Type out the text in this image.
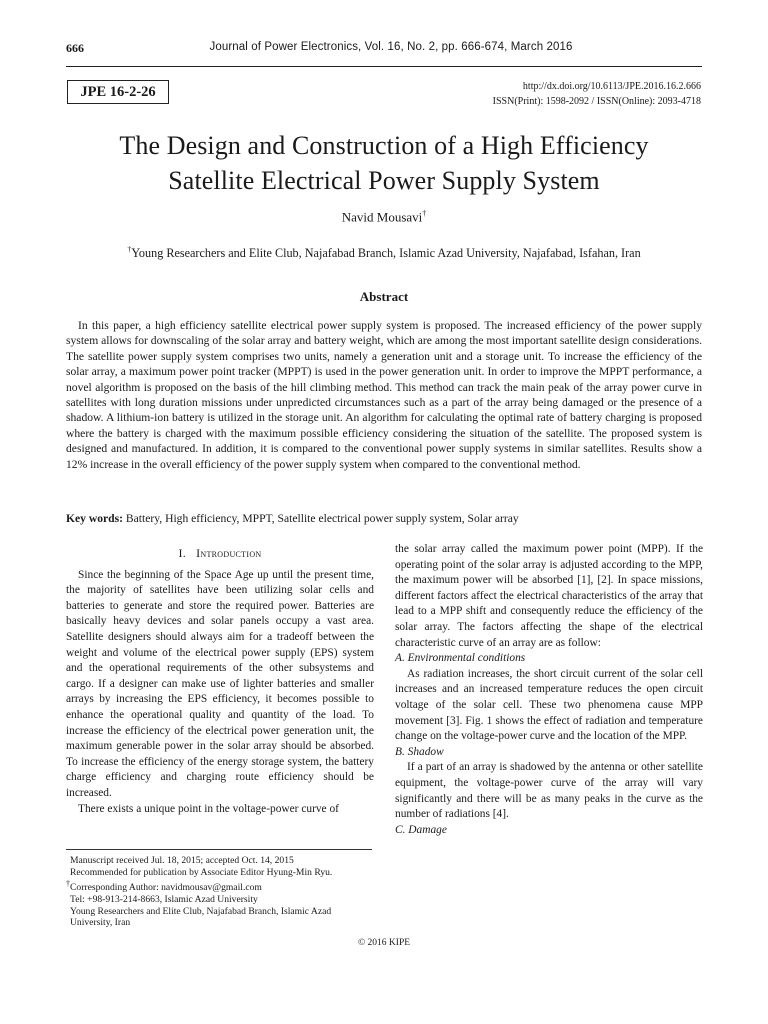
666	Journal of Power Electronics, Vol. 16, No. 2, pp. 666-674, March 2016
JPE 16-2-26	http://dx.doi.org/10.6113/JPE.2016.16.2.666
ISSN(Print): 1598-2092 / ISSN(Online): 2093-4718
The Design and Construction of a High Efficiency
Satellite Electrical Power Supply System
Navid Mousavi†
†Young Researchers and Elite Club, Najafabad Branch, Islamic Azad University, Najafabad, Isfahan, Iran
Abstract

In this paper, a high efficiency satellite electrical power supply system is proposed. The increased efficiency of the power supply system allows for downscaling of the solar array and battery weight, which are among the most important satellite design considerations. The satellite power supply system comprises two units, namely a generation unit and a storage unit. To increase the efficiency of the solar array, a maximum power point tracker (MPPT) is used in the power generation unit. In order to improve the MPPT performance, a novel algorithm is proposed on the basis of the hill climbing method. This method can track the main peak of the array power curve in satellites with long duration missions under unpredicted circumstances such as a part of the array being damaged or the presence of a shadow. A lithium-ion battery is utilized in the storage unit. An algorithm for calculating the optimal rate of battery charging is proposed where the battery is charged with the maximum possible efficiency considering the situation of the satellite. The proposed system is designed and manufactured. In addition, it is compared to the conventional power supply systems in similar satellites. Results show a 12% increase in the overall efficiency of the power supply system when compared to the conventional method.

Key words: Battery, High efficiency, MPPT, Satellite electrical power supply system, Solar array
I. Introduction

Since the beginning of the Space Age up until the present time, the majority of satellites have been utilizing solar cells and batteries to generate and store the required power. Batteries are basically heavy devices and solar panels occupy a vast area. Satellite designers should always aim for a tradeoff between the weight and volume of the electrical power supply (EPS) system and the operational requirements of the other subsystems and cargo. If a designer can make use of lighter batteries and smaller arrays by increasing the EPS efficiency, it becomes possible to enhance the operational quality and quantity of the load. To increase the efficiency of the electrical power generation unit, the maximum generable power in the solar array should be absorbed. To increase the efficiency of the energy storage system, the battery charge efficiency and charging route efficiency should be increased.

There exists a unique point in the voltage-power curve of

the solar array called the maximum power point (MPP). If the operating point of the solar array is adjusted according to the MPP, the maximum power will be absorbed [1], [2]. In space missions, different factors affect the electrical characteristics of the array that lead to a MPP shift and consequently reduce the efficiency of the solar array. The factors affecting the shape of the electrical characteristic curve of an array are as follow:

A. Environmental conditions

As radiation increases, the short circuit current of the solar cell increases and an increased temperature reduces the open circuit voltage of the solar cell. These two phenomena cause MPP movement [3]. Fig. 1 shows the effect of radiation and temperature change on the voltage-power curve and the location of the MPP.

B. Shadow

If a part of an array is shadowed by the antenna or other satellite equipment, the voltage-power curve of the array will vary significantly and there will be as many peaks in the curve as the number of radiations [4].

C. Damage

Manuscript received Jul. 18, 2015; accepted Oct. 14, 2015
Recommended for publication by Associate Editor Hyung-Min Ryu.
†Corresponding Author: navidmousav@gmail.com
Tel: +98-913-214-8663, Islamic Azad University
Young Researchers and Elite Club, Najafabad Branch, Islamic Azad University, Iran
© 2016 KIPE
